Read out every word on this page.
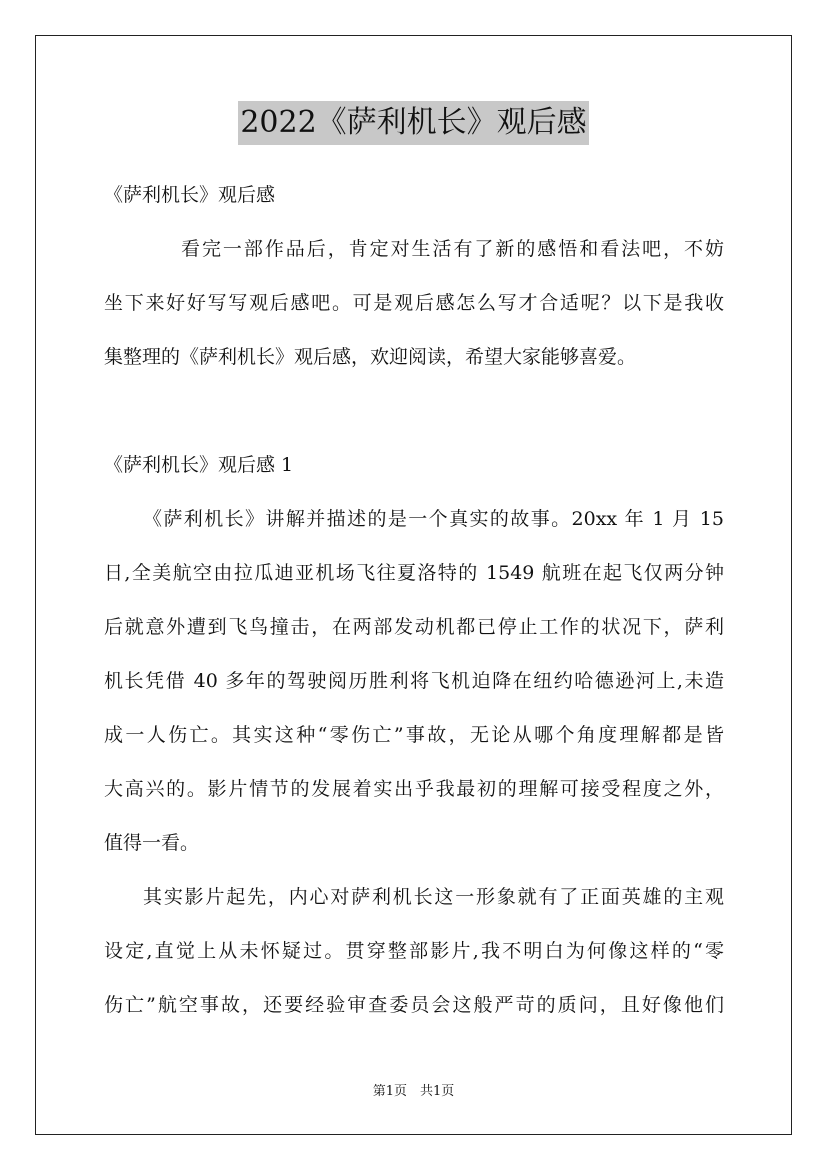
2022《萨利机长》观后感
《萨利机长》观后感
看完一部作品后，肯定对生活有了新的感悟和看法吧，不妨
坐下来好好写写观后感吧。可是观后感怎么写才合适呢？以下是我收
集整理的《萨利机长》观后感，欢迎阅读，希望大家能够喜爱。
《萨利机长》观后感 1
《萨利机长》讲解并描述的是一个真实的故事。20xx 年 1 月 15
日,全美航空由拉瓜迪亚机场飞往夏洛特的 1549 航班在起飞仅两分钟
后就意外遭到飞鸟撞击，在两部发动机都已停止工作的状况下，萨利
机长凭借 40 多年的驾驶阅历胜利将飞机迫降在纽约哈德逊河上,未造
成一人伤亡。其实这种“零伤亡”事故，无论从哪个角度理解都是皆
大高兴的。影片情节的发展着实出乎我最初的理解可接受程度之外，
值得一看。
其实影片起先，内心对萨利机长这一形象就有了正面英雄的主观
设定,直觉上从未怀疑过。贯穿整部影片,我不明白为何像这样的“零
伤亡”航空事故，还要经验审查委员会这般严苛的质问，且好像他们
第1页　共1页
